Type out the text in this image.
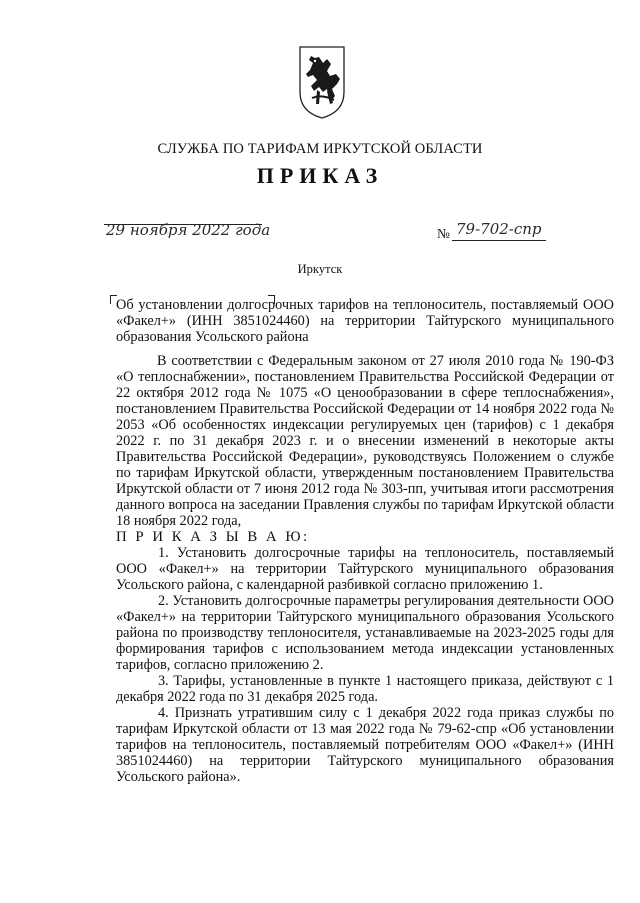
СЛУЖБА ПО ТАРИФАМ ИРКУТСКОЙ ОБЛАСТИ
ПРИКАЗ
29 ноября 2022 года	№ 79-702-спр
Иркутск
Об установлении долгосрочных тарифов на теплоноситель, поставляемый ООО «Факел+» (ИНН 3851024460) на территории Тайтурского муниципального образования Усольского района

В соответствии с Федеральным законом от 27 июля 2010 года № 190-ФЗ «О теплоснабжении», постановлением Правительства Российской Федерации от 22 октября 2012 года № 1075 «О ценообразовании в сфере теплоснабжения», постановлением Правительства Российской Федерации от 14 ноября 2022 года № 2053 «Об особенностях индексации регулируемых цен (тарифов) с 1 декабря 2022 г. по 31 декабря 2023 г. и о внесении изменений в некоторые акты Правительства Российской Федерации», руководствуясь Положением о службе по тарифам Иркутской области, утвержденным постановлением Правительства Иркутской области от 7 июня 2012 года № 303-пп, учитывая итоги рассмотрения данного вопроса на заседании Правления службы по тарифам Иркутской области 18 ноября 2022 года,

П Р И К А З Ы В А Ю:

1. Установить долгосрочные тарифы на теплоноситель, поставляемый ООО «Факел+» на территории Тайтурского муниципального образования Усольского района, с календарной разбивкой согласно приложению 1.

2. Установить долгосрочные параметры регулирования деятельности ООО «Факел+» на территории Тайтурского муниципального образования Усольского района по производству теплоносителя, устанавливаемые на 2023-2025 годы для формирования тарифов с использованием метода индексации установленных тарифов, согласно приложению 2.

3. Тарифы, установленные в пункте 1 настоящего приказа, действуют с 1 декабря 2022 года по 31 декабря 2025 года.

4. Признать утратившим силу с 1 декабря 2022 года приказ службы по тарифам Иркутской области от 13 мая 2022 года № 79-62-спр «Об установлении тарифов на теплоноситель, поставляемый потребителям ООО «Факел+» (ИНН 3851024460) на территории Тайтурского муниципального образования Усольского района».
